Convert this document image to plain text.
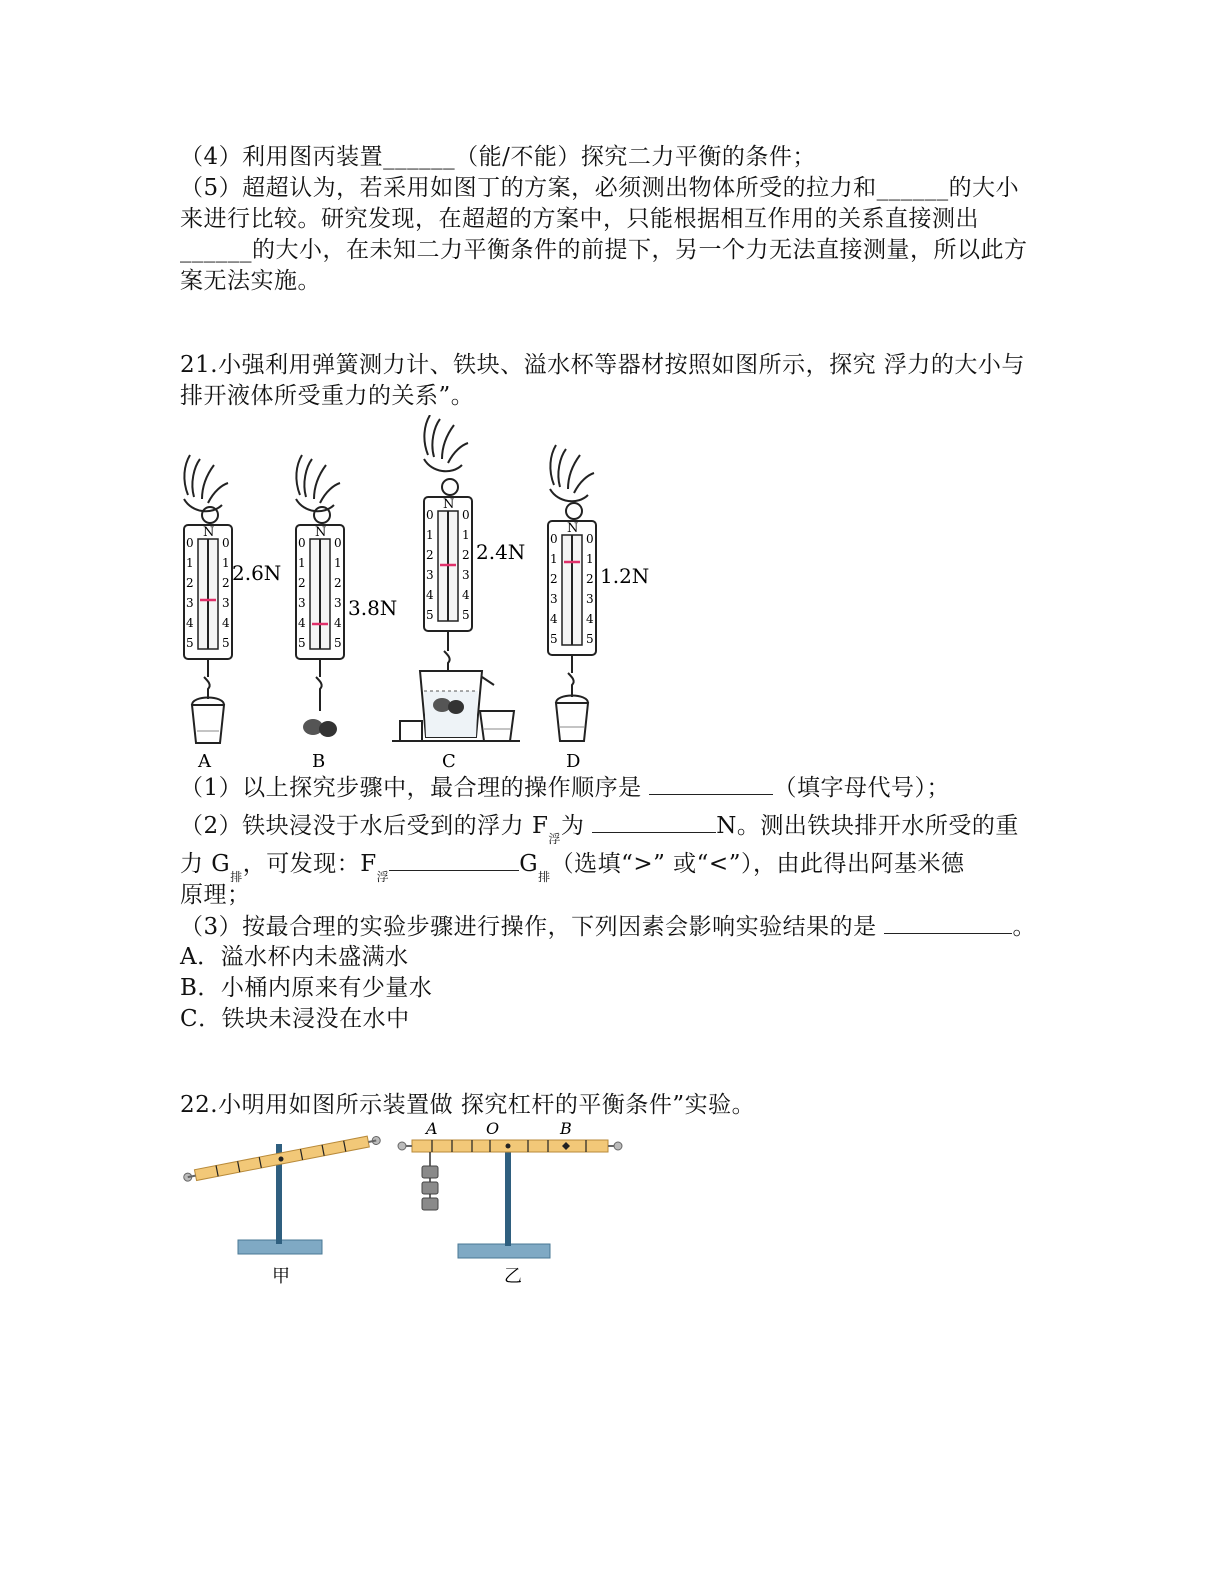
（4）利用图丙装置______（能/不能）探究二力平衡的条件；
（5）超超认为，若采用如图丁的方案，必须测出物体所受的拉力和______的大小
来进行比较。研究发现，在超超的方案中，只能根据相互作用的关系直接测出
______的大小，在未知二力平衡条件的前提下，另一个力无法直接测量，所以此方
案无法实施。
21.小强利用弹簧测力计、铁块、溢水杯等器材按照如图所示，探究 浮力的大小与
排开液体所受重力的关系”。
N
0
1
2
3
4
5
0
1
2
3
4
5
2.6N
A
N
0
1
2
3
4
5
0
1
2
3
4
5
3.8N
B
N
0
1
2
3
4
5
0
1
2
3
4
5
2.4N
C
N
0
1
2
3
4
5
0
1
2
3
4
5
1.2N
D
（1）以上探究步骤中，最合理的操作顺序是	（填字母代号）；
（2）铁块浸没于水后受到的浮力 $F_浮$为	N。测出铁块排开水所受的重
力 $G_排$，可发现：$F_浮$	$G_排$（选填“>” 或“<”），由此得出阿基米德
原理；
（3）按最合理的实验步骤进行操作，下列因素会影响实验结果的是	。
A．溢水杯内未盛满水
B．小桶内原来有少量水
C．铁块未浸没在水中
22.小明用如图所示装置做 探究杠杆的平衡条件”实验。
甲
A	O	B
乙
